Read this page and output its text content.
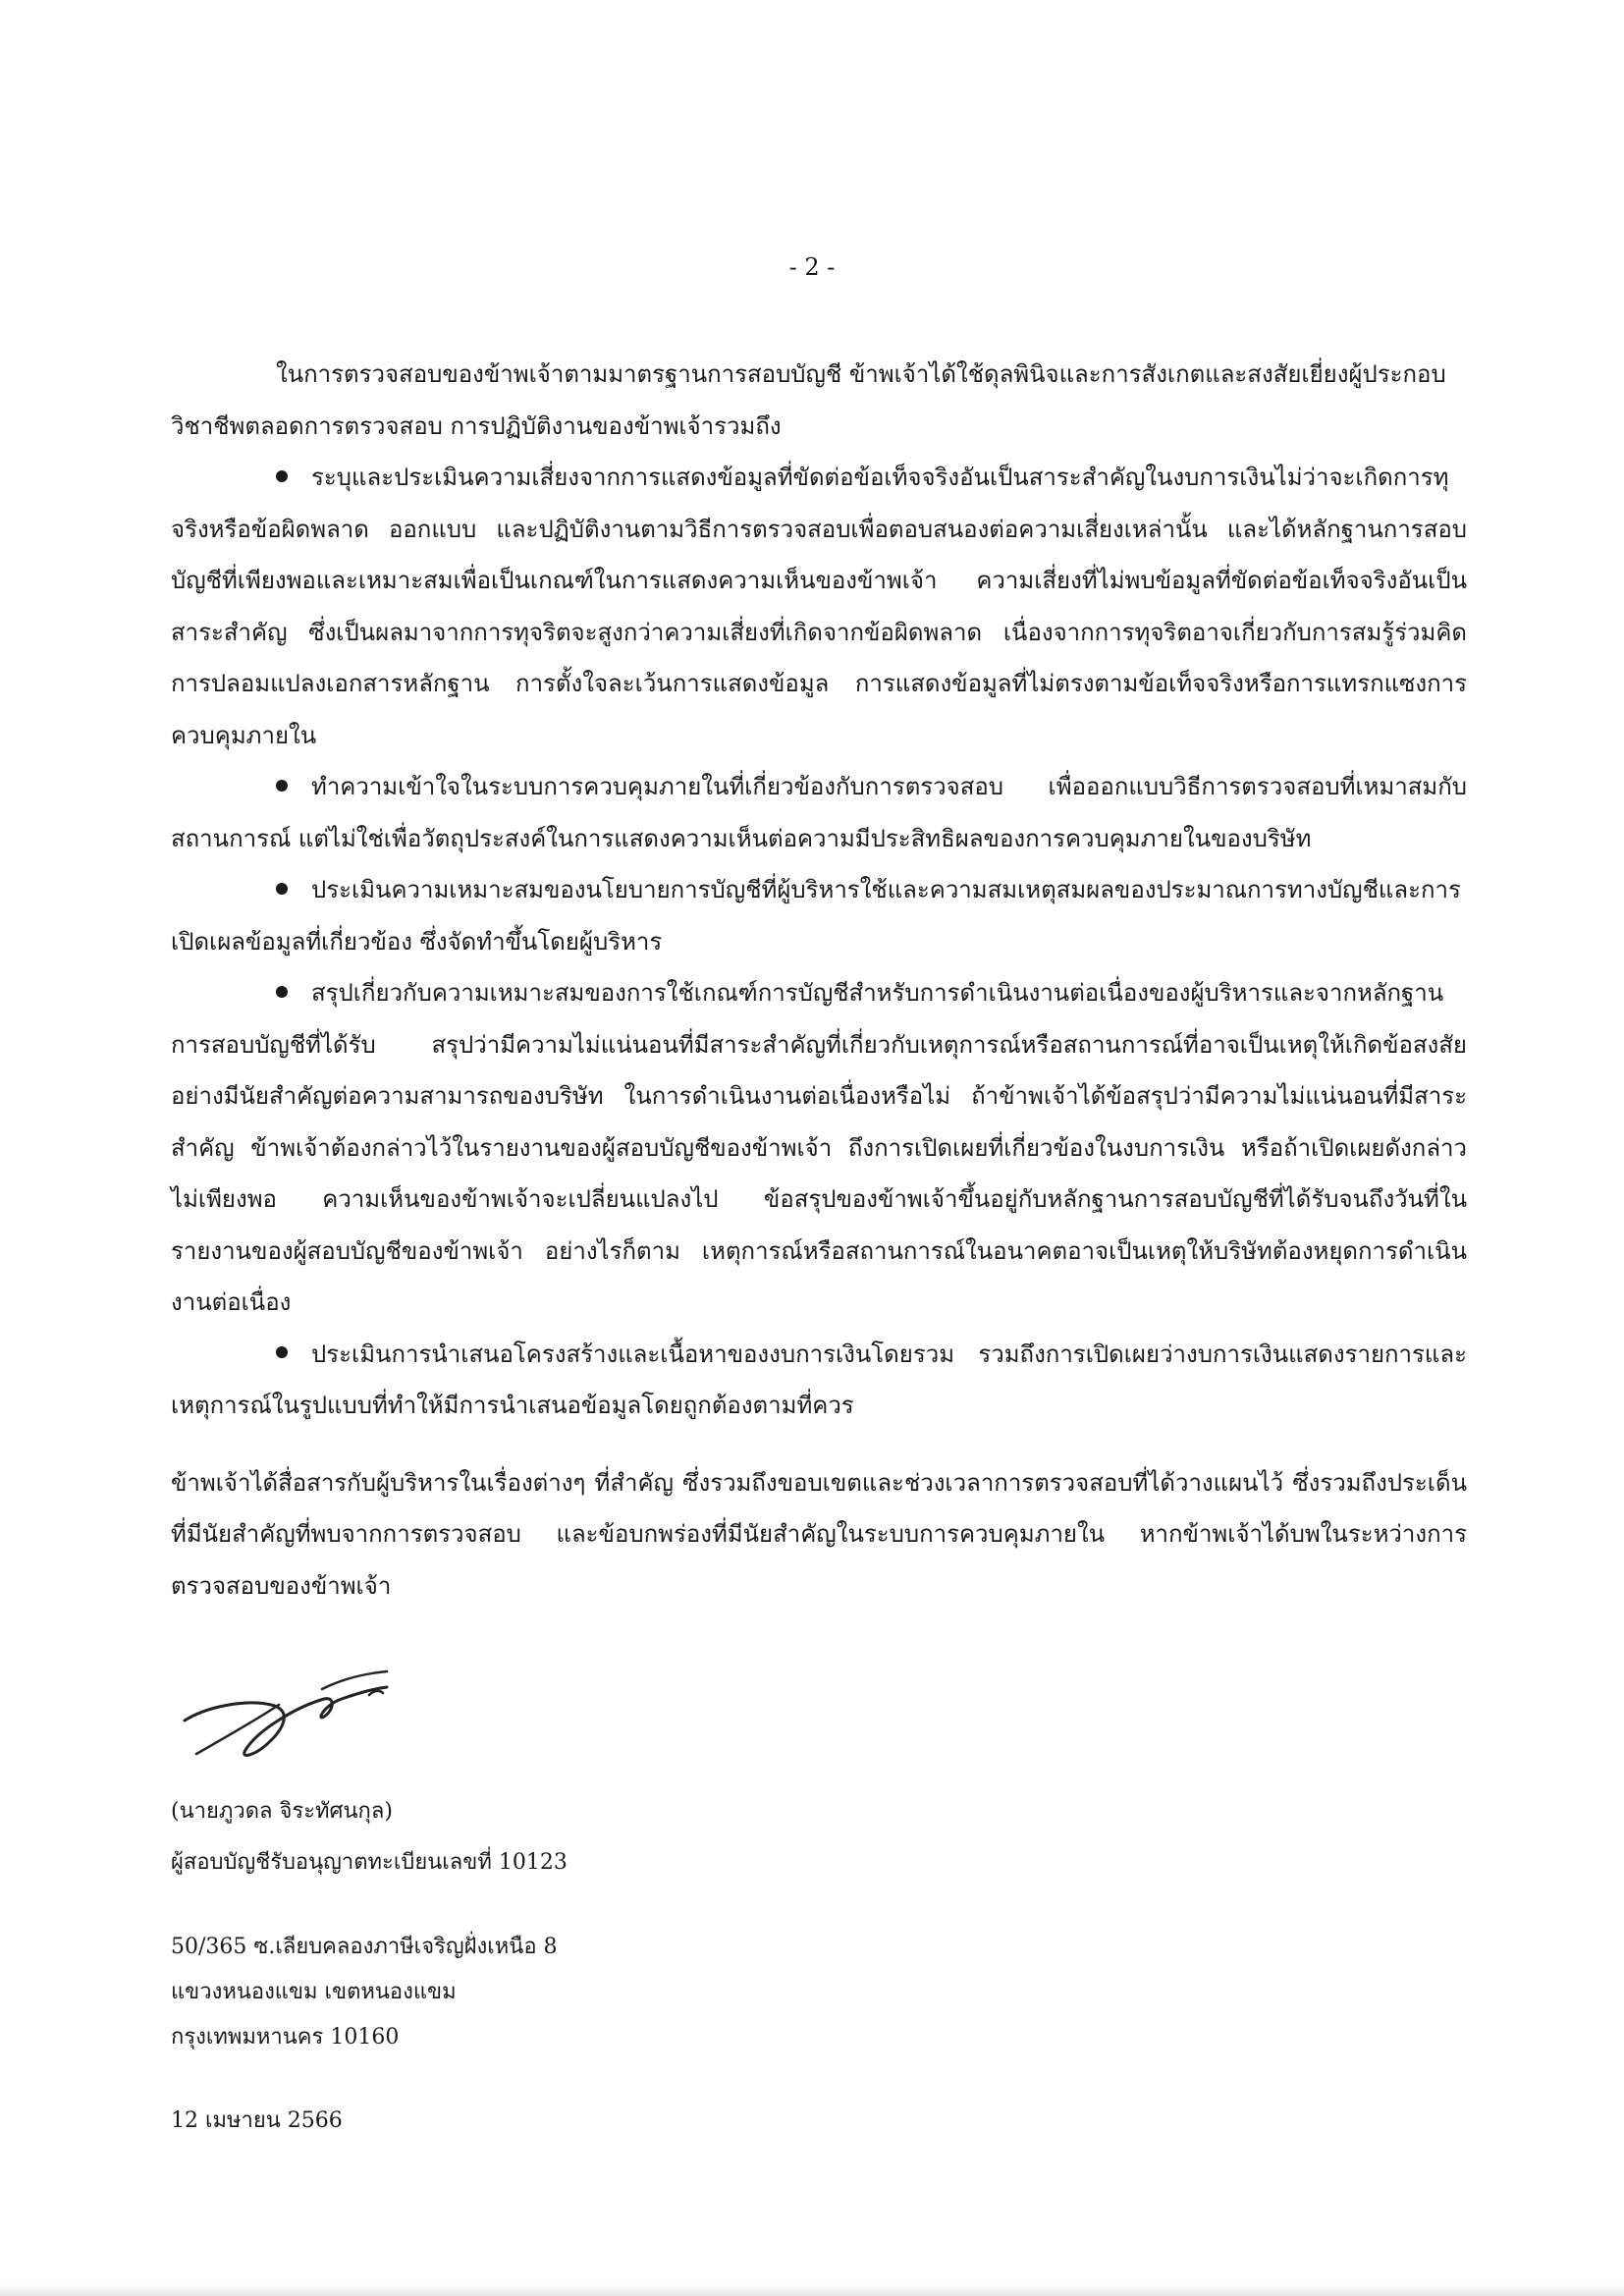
- 2 -

ในการตรวจสอบของข้าพเจ้าตามมาตรฐานการสอบบัญชี ข้าพเจ้าได้ใช้ดุลพินิจและการสังเกตและสงสัยเยี่ยงผู้ประกอบ

วิชาชีพตลอดการตรวจสอบ การปฏิบัติงานของข้าพเจ้ารวมถึง

ระบุและประเมินความเสี่ยงจากการแสดงข้อมูลที่ขัดต่อข้อเท็จจริงอันเป็นสาระสำคัญในงบการเงินไม่ว่าจะเกิดการทุจริงหรือข้อผิดพลาด ออกแบบ และปฏิบัติงานตามวิธีการตรวจสอบเพื่อตอบสนองต่อความเสี่ยงเหล่านั้น และได้หลักฐานการสอบบัญชีที่เพียงพอและเหมาะสมเพื่อเป็นเกณฑ์ในการแสดงความเห็นของข้าพเจ้า ความเสี่ยงที่ไม่พบข้อมูลที่ขัดต่อข้อเท็จจริงอันเป็นสาระสำคัญ ซึ่งเป็นผลมาจากการทุจริตจะสูงกว่าความเสี่ยงที่เกิดจากข้อผิดพลาด เนื่องจากการทุจริตอาจเกี่ยวกับการสมรู้ร่วมคิด การปลอมแปลงเอกสารหลักฐาน การตั้งใจละเว้นการแสดงข้อมูล การแสดงข้อมูลที่ไม่ตรงตามข้อเท็จจริงหรือการแทรกแซงการควบคุมภายใน

ทำความเข้าใจในระบบการควบคุมภายในที่เกี่ยวข้องกับการตรวจสอบ เพื่อออกแบบวิธีการตรวจสอบที่เหมาสมกับสถานการณ์ แต่ไม่ใช่เพื่อวัตถุประสงค์ในการแสดงความเห็นต่อความมีประสิทธิผลของการควบคุมภายในของบริษัท

ประเมินความเหมาะสมของนโยบายการบัญชีที่ผู้บริหารใช้และความสมเหตุสมผลของประมาณการทางบัญชีและการเปิดเผลข้อมูลที่เกี่ยวข้อง ซึ่งจัดทำขึ้นโดยผู้บริหาร

สรุปเกี่ยวกับความเหมาะสมของการใช้เกณฑ์การบัญชีสำหรับการดำเนินงานต่อเนื่องของผู้บริหารและจากหลักฐานการสอบบัญชีที่ได้รับ สรุปว่ามีความไม่แน่นอนที่มีสาระสำคัญที่เกี่ยวกับเหตุการณ์หรือสถานการณ์ที่อาจเป็นเหตุให้เกิดข้อสงสัยอย่างมีนัยสำคัญต่อความสามารถของบริษัท ในการดำเนินงานต่อเนื่องหรือไม่ ถ้าข้าพเจ้าได้ข้อสรุปว่ามีความไม่แน่นอนที่มีสาระสำคัญ ข้าพเจ้าต้องกล่าวไว้ในรายงานของผู้สอบบัญชีของข้าพเจ้า ถึงการเปิดเผยที่เกี่ยวข้องในงบการเงิน หรือถ้าเปิดเผยดังกล่าวไม่เพียงพอ ความเห็นของข้าพเจ้าจะเปลี่ยนแปลงไป ข้อสรุปของข้าพเจ้าขึ้นอยู่กับหลักฐานการสอบบัญชีที่ได้รับจนถึงวันที่ในรายงานของผู้สอบบัญชีของข้าพเจ้า อย่างไรก็ตาม เหตุการณ์หรือสถานการณ์ในอนาคตอาจเป็นเหตุให้บริษัทต้องหยุดการดำเนินงานต่อเนื่อง

ประเมินการนำเสนอโครงสร้างและเนื้อหาของงบการเงินโดยรวม รวมถึงการเปิดเผยว่างบการเงินแสดงรายการและเหตุการณ์ในรูปแบบที่ทำให้มีการนำเสนอข้อมูลโดยถูกต้องตามที่ควร

ข้าพเจ้าได้สื่อสารกับผู้บริหารในเรื่องต่างๆ ที่สำคัญ ซึ่งรวมถึงขอบเขตและช่วงเวลาการตรวจสอบที่ได้วางแผนไว้ ซึ่งรวมถึงประเด็นที่มีนัยสำคัญที่พบจากการตรวจสอบ และข้อบกพร่องที่มีนัยสำคัญในระบบการควบคุมภายใน หากข้าพเจ้าได้บพในระหว่างการตรวจสอบของข้าพเจ้า

(นายภูวดล จิระทัศนกุล)
ผู้สอบบัญชีรับอนุญาตทะเบียนเลขที่ 10123
50/365 ซ.เลียบคลองภาษีเจริญฝั่งเหนือ 8
แขวงหนองแขม เขตหนองแขม
กรุงเทพมหานคร 10160
12 เมษายน 2566
